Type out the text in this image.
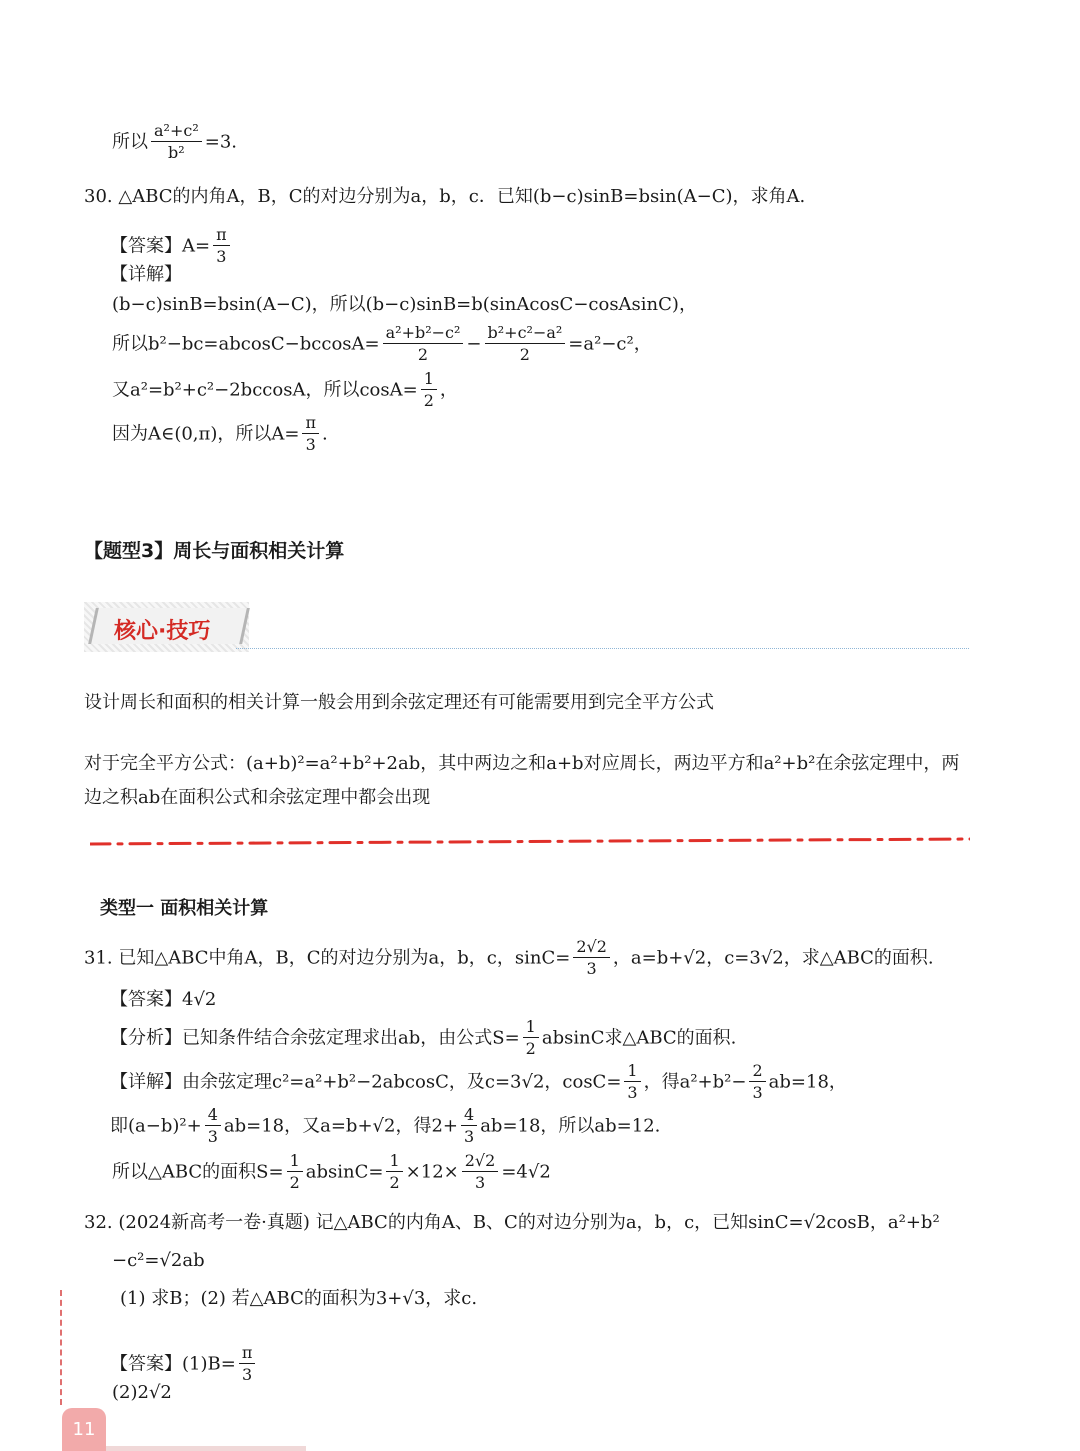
所以 $\frac{\text{a²+c²}}{\text{b²}} =3$.
30. △ABC的内角A，B，C的对边分别为a，b，c．已知(b−c)sinB=bsin(A−C)，求角A.
【答案】$A= \frac{\pi}{3}$
【详解】
(b−c)sinB=bsin(A−C)，所以(b−c)sinB=b(sinAcosC−cosAsinC)，
所以$b^2-bc=abcosC-bccosA= \frac{\text{a²+b²−c²}}{2} - \frac{\text{b²+c²−a²}}{2} =a^2-c^2$，
又a²=b²+c²−2bccosA，所以$\cos A= \frac{1}{2}$ ，
因为A∈(0,π)，所以$A= \frac{\pi}{3}$ .
【题型3】周长与面积相关计算
核心·技巧
设计周长和面积的相关计算一般会用到余弦定理还有可能需要用到完全平方公式
对于完全平方公式：(a+b)²=a²+b²+2ab，其中两边之和a+b对应周长，两边平方和a²+b²在余弦定理中，两
边之积ab在面积公式和余弦定理中都会出现
类型一 面积相关计算
31. 已知△ABC中角A，B，C的对边分别为a，b，c，$\sin C= \frac{2√2}{3}$ ，a=b+√2，c=3√2，求△ABC的面积.
【答案】4√2
【分析】已知条件结合余弦定理求出ab，由公式$S= \frac{1}{2}$ absinC求△ABC的面积.
【详解】由余弦定理c²=a²+b²−2abcosC，及c=3√2，$\cos C= \frac{1}{3}$ ，得$a^2+b^2- \frac{2}{3} ab=18$，
即$(a-b)^2+ \frac{4}{3} ab=18$，又a=b+√2，得$2+ \frac{4}{3} ab=18$，所以ab=12.
所以△ABC的面积$S= \frac{1}{2} absinC= \frac{1}{2} \times 12\times \frac{2√2}{3} =4√2$
32. (2024新高考一卷·真题) 记△ABC的内角A、B、C的对边分别为a，b，c，已知sinC=√2cosB，a²+b²
−c²=√2ab
(1) 求B；(2) 若△ABC的面积为3+√3，求c.
【答案】$(1)B= \frac{\pi}{3}$
(2)2√2
11
